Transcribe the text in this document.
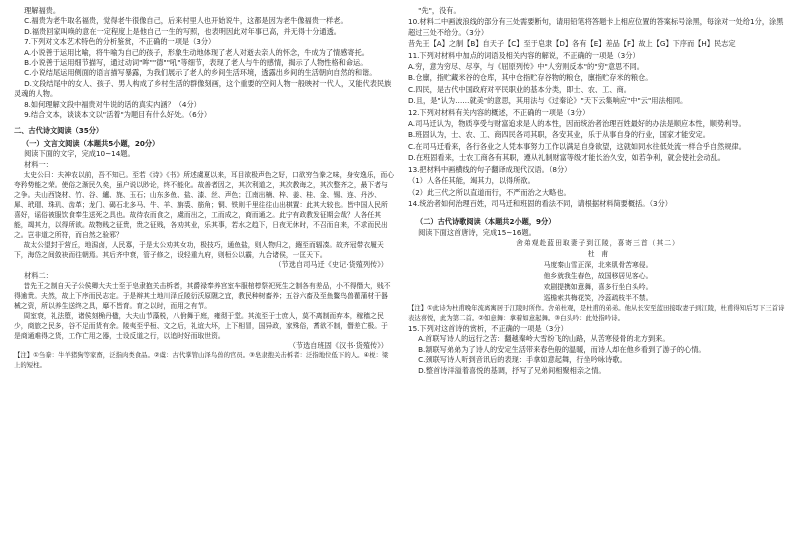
理解福贵。
C.福贵为老牛取名福贵，觉得老牛很像自己，后来村里人也开始说牛，这都是因为老牛像福贵一样老。
D.福贵回家叫唤的意在一定程度上是他自己一生的写照，也表明因此对年事已高，并无得十分通透。
7.下列对文本艺术特色的分析鉴赏，不正确的一项是（3分）
A.小说善于运用比喻，将牛喻为自己的孩子，形象生动地体现了老人对逝去亲人的怀念，牛成为了情感寄托。
B.小说善于运用细节描写，通过动词"哞""德""吼"等细节，表现了老人与牛的感情，揭示了人物性格和命运。
C.小说结尾运用侧面的语言描写暴露，为我们展示了老人的乡间生活环境，透露出乡间的生活朝向自然的和谐。
D.文段结尾中的女人、孩子、男人构成了乡村生活的群像刻画，这个重要的空间人物一般映衬一代人，又能代表民族灵魂的人物。
8.如何理解文段中福贵对牛说的话的真实内涵？（4分）
9.结合文本，谈谈本文以"活着"为题目有什么好处。（6分）
二、古代诗文阅读（35分）
（一）文言文阅读（本题共5小题，20分）
阅读下面的文字，完成10~14题。
材料一：
太史公曰：夫神农以前，吾不知已。至若《诗》《书》所述虞夏以来，耳目欲极声色之好，口欲穷刍豢之味，身安逸乐，而心夸矜势能之荣。使俗之渐民久矣，虽户说以眇论，终不能化。故善者因之，其次利道之，其次教诲之，其次整齐之，最下者与之争。夫山西饶材、竹、谷、纑、旄、玉石；山东多鱼、盐、漆、丝、声色；江南出楠、梓、姜、桂、金、锡、连、丹沙、犀、玳瑁、珠玑、齿革；龙门、碣石北多马、牛、羊、旃裘、筋角；铜、铁则千里往往山出棋置：此其大较也。皆中国人民所喜好，谣俗被服饮食奉生送死之具也。故待农而食之，虞而出之，工而成之，商而通之。此宁有政教发征期会哉？人各任其能，竭其力，以得所欲。故物贱之征贵，贵之征贱，各劝其业，乐其事，若水之趋下，日夜无休时，不召而自来，不求而民出之。岂非道之所符，而自然之验邪？
故太公望封于营丘，地潟卤，人民寡，于是太公劝其女功，极技巧，通鱼盐，则人物归之，繦至而辐凑。故齐冠带衣履天下，海岱之间敛袂而往朝焉。其后齐中衰，管子修之，设轻重九府，则桓公以霸，九合诸侯，一匡天下。
（节选自司马迁《史记·货殖列传》）
材料二：
昔先王之制自天子公侯卿大夫士至于皂隶抱关击柝者，其爵禄奉养宫室车服棺椁祭祀死生之制各有差品，小不得僭大，贱不得逾贵。夫然，故上下序而民志定。于是辩其土地川泽丘陵衍沃原隰之宜，教民种树畜养；五谷六畜及至鱼鳖鸟兽雚蒲材干器械之资，所以养生送终之具，靡不皆育。育之以时，而用之有节。
周室衰，礼法堕，诸侯刻桷丹楹，大夫山节藻棁，八佾舞于庭，雍彻于堂。其流至于士庶人，莫不离制而弃本，稼穑之民少，商旅之民多，谷不足而货有余。陵夷至乎桓、文之后，礼谊大坏，上下相冒，国异政，家殊俗，耆欲不制，僭差亡极。于是商通难得之货，工作亡用之器，士设反道之行，以追时好而取世资。
（节选自班固《汉书·货殖传》）
【注】①刍豢：牛羊猪狗等家畜，泛指肉类食品。②虞：古代掌管山泽鸟兽的官员。③皂隶抱关击柝者：泛指地位低下的人。④棁：梁上的短柱。
"先"，没有。
10.材料二中画波浪线的部分有三处需要断句，请用铅笔将答题卡上相应位置的答案标号涂黑，每涂对一处给1分，涂黑超过三处不给分。（3分）
昔先王【A】之制【B】自天子【C】至于皂隶【D】各有【E】差品【F】故上【G】下序而【H】民志定
11.下列对材料中加点的词语及相关内容的解说，不正确的一项是（3分）
A.穷，意为穷尽、尽享，与《屈原列传》中"人穷则反本"的"穷"意思不同。
B.仓廪，指贮藏米谷的仓库，其中仓指贮存谷物的粮仓，廪指贮存米的粮仓。
C.四民，是古代中国政府对平民职业的基本分类，即士、农、工、商。
D.且，是"认为……就美"的意思，其用法与《过秦论》"天下云集响应"中"云"用法相同。
12.下列对材料有关内容的概述，不正确的一项是（3分）
A.司马迁认为，物质享受与财富追求是人的本性，因而统治者治理百姓最好的办法是顺应本性，顺势利导。
B.班固认为，士、农、工、商四民各司其职，各安其业，乐于从事自身的行业，国家才能安定。
C.在司马迁看来，各行各业之人凭本事努力工作以满足自身欲望，这就如同水往低处流一样合乎自然规律。
D.在班固看来，士农工商各有其职，遵从礼制财富等级才能长治久安，如若争利，就会使社会动乱。
13.把材料中画横线的句子翻译成现代汉语。（8分）
（1）人各任其能，竭其力，以得所欲。
（2）此三代之所以直道而行，不严而治之大略也。
14.统治者如何治理百姓，司马迁和班固的看法不同，请根据材料简要概括。（3分）
（二）古代诗歌阅读（本题共2小题，9分）
阅读下面这首唐诗，完成15~16题。
舍弟观赴蓝田取妻子到江陵，喜寄三首（其二）
杜　甫
马度秦山雪正深，北来肌骨苦寒侵。
他乡就我生春色，故国移居见客心。
欢剧提携如意舞，喜多行坐白头吟。
巡檐索共梅花笑，冷蕊疏枝半不禁。
【注】①此诗为杜甫晚年流离寓居于江陵时所作。舍弟杜观，是杜甫的弟弟。他从长安至蓝田接取妻子到江陵，杜甫得知后写下三首诗表达喜悦，此为第二首。②如意舞：拿着如意起舞。③白头吟：此处指吟诗。
15.下列对这首诗的赏析，不正确的一项是（3分）
A.首联写诗人的远行之苦：翻越秦岭大雪纷飞的山路，从苦寒侵骨的北方到来。
B.颔联写弟弟为了诗人的安定生活带来春色般的温暖，而诗人却在他乡看到了游子的心情。
C.颈联写诗人听到音讯后的表现：手拿如意起舞，行坐吟咏诗歌。
D.整首诗洋溢着喜悦的基调，抒写了兄弟间相聚相亲之情。
